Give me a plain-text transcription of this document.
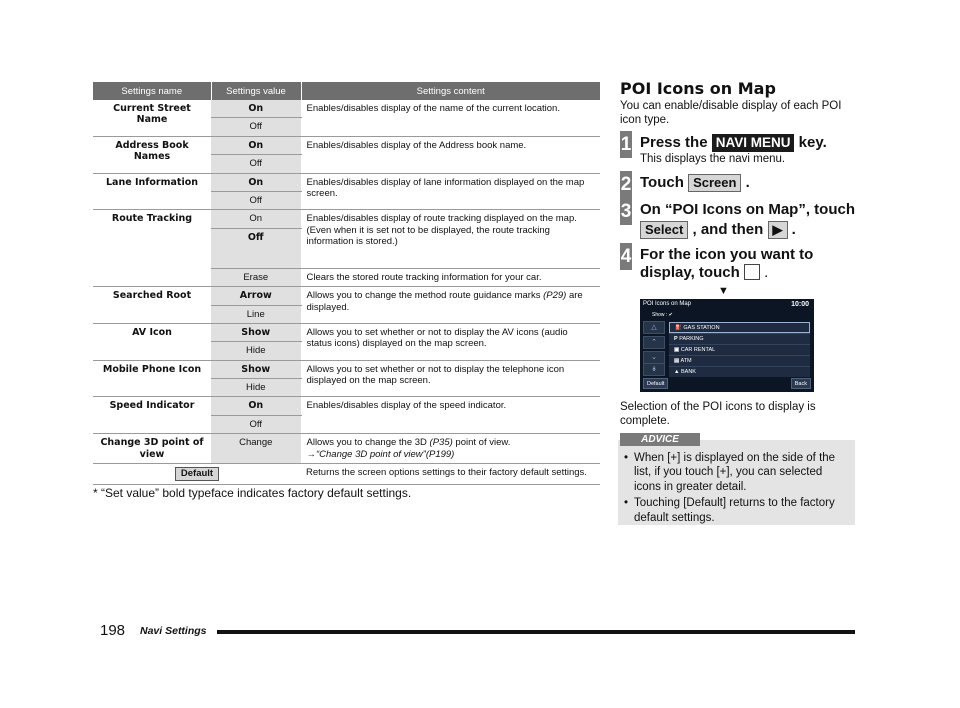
Settings name	Settings value	Settings content
Current Street Name	On	Enables/disables display of the name of the current location.
	Off	
Address Book Names	On	Enables/disables display of the Address book name.
	Off	
Lane Information	On	Enables/disables display of lane information displayed on the map screen.
	Off	
Route Tracking	On	Enables/disables display of route tracking displayed on the map.
(Even when it is set not to be displayed, the route tracking information is stored.)

	Off	
	Erase	Clears the stored route tracking information for your car.
Searched Root	Arrow	Allows you to change the method route guidance marks (P29) are displayed.
	Line	
AV Icon	Show	Allows you to set whether or not to display the AV icons (audio status icons) displayed on the map screen.
	Hide	
Mobile Phone Icon	Show	Allows you to set whether or not to display the telephone icon displayed on the map screen.
	Hide	
Speed Indicator	On	Enables/disables display of the speed indicator.
	Off	
Change 3D point of view	Change	Allows you to change the 3D (P35) point of view.
→“Change 3D point of view”(P199)

Default		Returns the screen options settings to their factory default settings.
* “Set value” bold typeface indicates factory default settings.
POI Icons on Map
You can enable/disable display of each POI icon type.
1 Press the NAVI MENU key.
This displays the navi menu.
2 Touch Screen .
3 On “POI Icons on Map”, touch
Select , and then ▶ .
4 For the icon you want to
display, touch .
▼
POI Icons on Map	10:00
Show : ✔
△
⌃
⌄
↡
⛽ GAS STATION
P PARKING
▣ CAR RENTAL
▤ ATM
▲ BANK
Default	Back
Selection of the POI icons to display is complete.
ADVICE
• When [+] is displayed on the side of the list, if you touch [+], you can selected icons in greater detail.
• Touching [Default] returns to the factory default settings.
198 Navi Settings
